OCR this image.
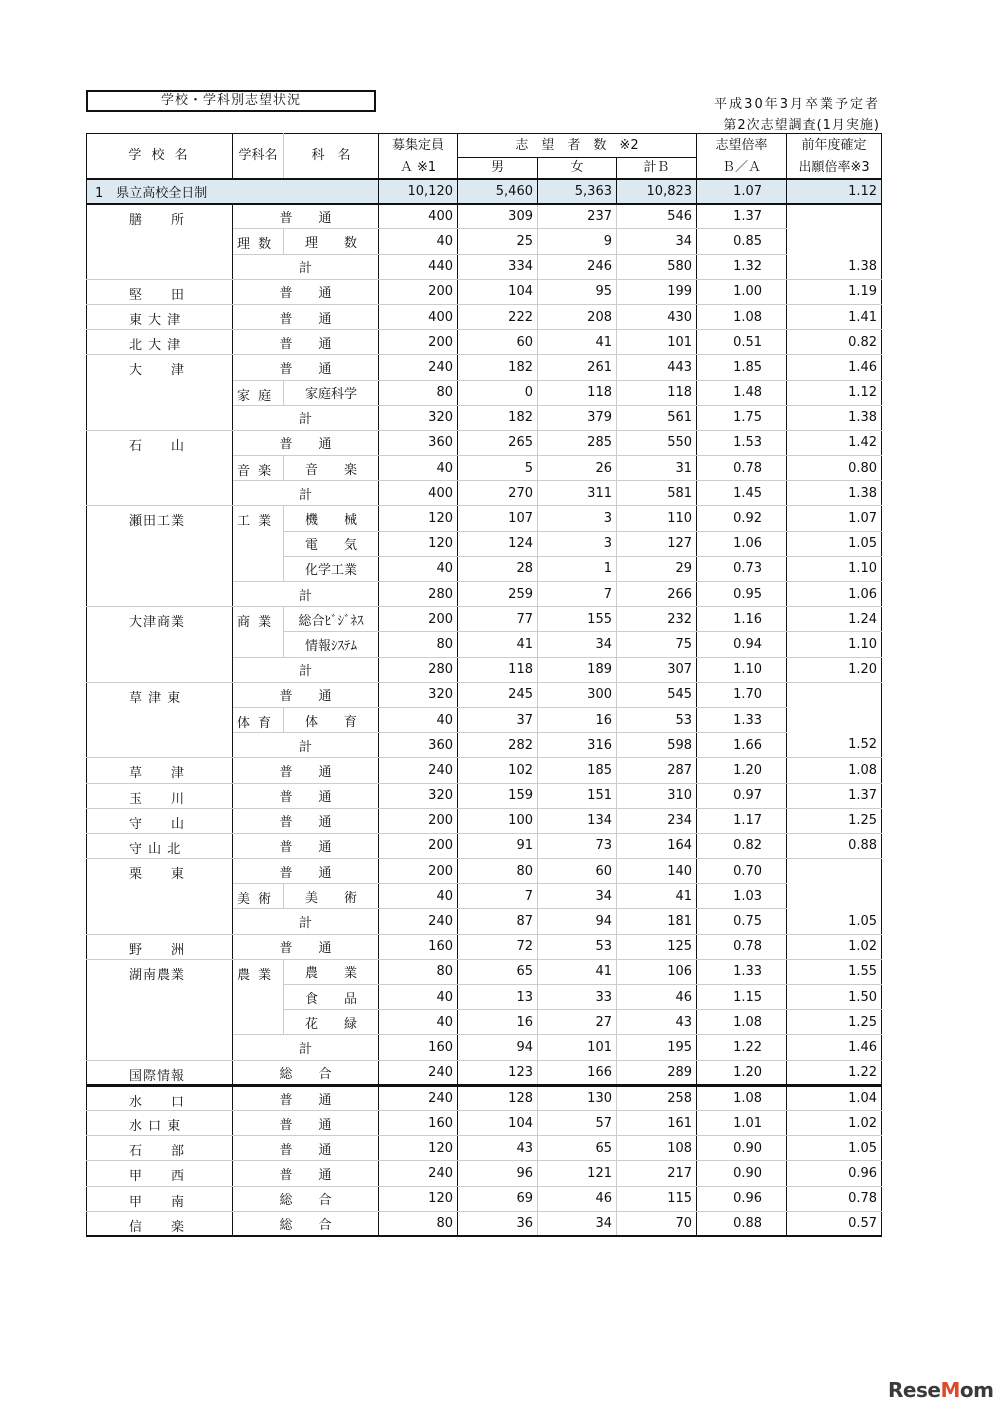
学校・学科別志望状況	平成30年3月卒業予定者
第2次志望調査(1月実施)
学 校 名	学科名	科　名	募集定員	志　望　者　数　※2			志望倍率	前年度確定
			Ａ ※1	男	女	計Ｂ	Ｂ／Ａ	出願倍率※3
1　県立高校全日制			10,120	5,460	5,363	10,823	1.07	1.12
膳　　所	普　　通		400	309	237	546	1.37	
	理 数	理　　数	40	25	9	34	0.85	
	計		440	334	246	580	1.32	1.38
堅　　田	普　　通		200	104	95	199	1.00	1.19
東 大 津	普　　通		400	222	208	430	1.08	1.41
北 大 津	普　　通		200	60	41	101	0.51	0.82
大　　津	普　　通		240	182	261	443	1.85	1.46
	家 庭	家庭科学	80	0	118	118	1.48	1.12
	計		320	182	379	561	1.75	1.38
石　　山	普　　通		360	265	285	550	1.53	1.42
	音 楽	音　　楽	40	5	26	31	0.78	0.80
	計		400	270	311	581	1.45	1.38
瀬田工業	工 業	機　　械	120	107	3	110	0.92	1.07
		電　　気	120	124	3	127	1.06	1.05
		化学工業	40	28	1	29	0.73	1.10
	計		280	259	7	266	0.95	1.06
大津商業	商 業	総合ﾋﾞｼﾞﾈｽ	200	77	155	232	1.16	1.24
		情報ｼｽﾃﾑ	80	41	34	75	0.94	1.10
	計		280	118	189	307	1.10	1.20
草 津 東	普　　通		320	245	300	545	1.70	
	体 育	体　　育	40	37	16	53	1.33	
	計		360	282	316	598	1.66	1.52
草　　津	普　　通		240	102	185	287	1.20	1.08
玉　　川	普　　通		320	159	151	310	0.97	1.37
守　　山	普　　通		200	100	134	234	1.17	1.25
守 山 北	普　　通		200	91	73	164	0.82	0.88
栗　　東	普　　通		200	80	60	140	0.70	
	美 術	美　　術	40	7	34	41	1.03	
	計		240	87	94	181	0.75	1.05
野　　洲	普　　通		160	72	53	125	0.78	1.02
湖南農業	農 業	農　　業	80	65	41	106	1.33	1.55
		食　　品	40	13	33	46	1.15	1.50
		花　　緑	40	16	27	43	1.08	1.25
	計		160	94	101	195	1.22	1.46
国際情報	総　　合		240	123	166	289	1.20	1.22
水　　口	普　　通		240	128	130	258	1.08	1.04
水 口 東	普　　通		160	104	57	161	1.01	1.02
石　　部	普　　通		120	43	65	108	0.90	1.05
甲　　西	普　　通		240	96	121	217	0.90	0.96
甲　　南	総　　合		120	69	46	115	0.96	0.78
信　　楽	総　　合		80	36	34	70	0.88	0.57
ReseMom
